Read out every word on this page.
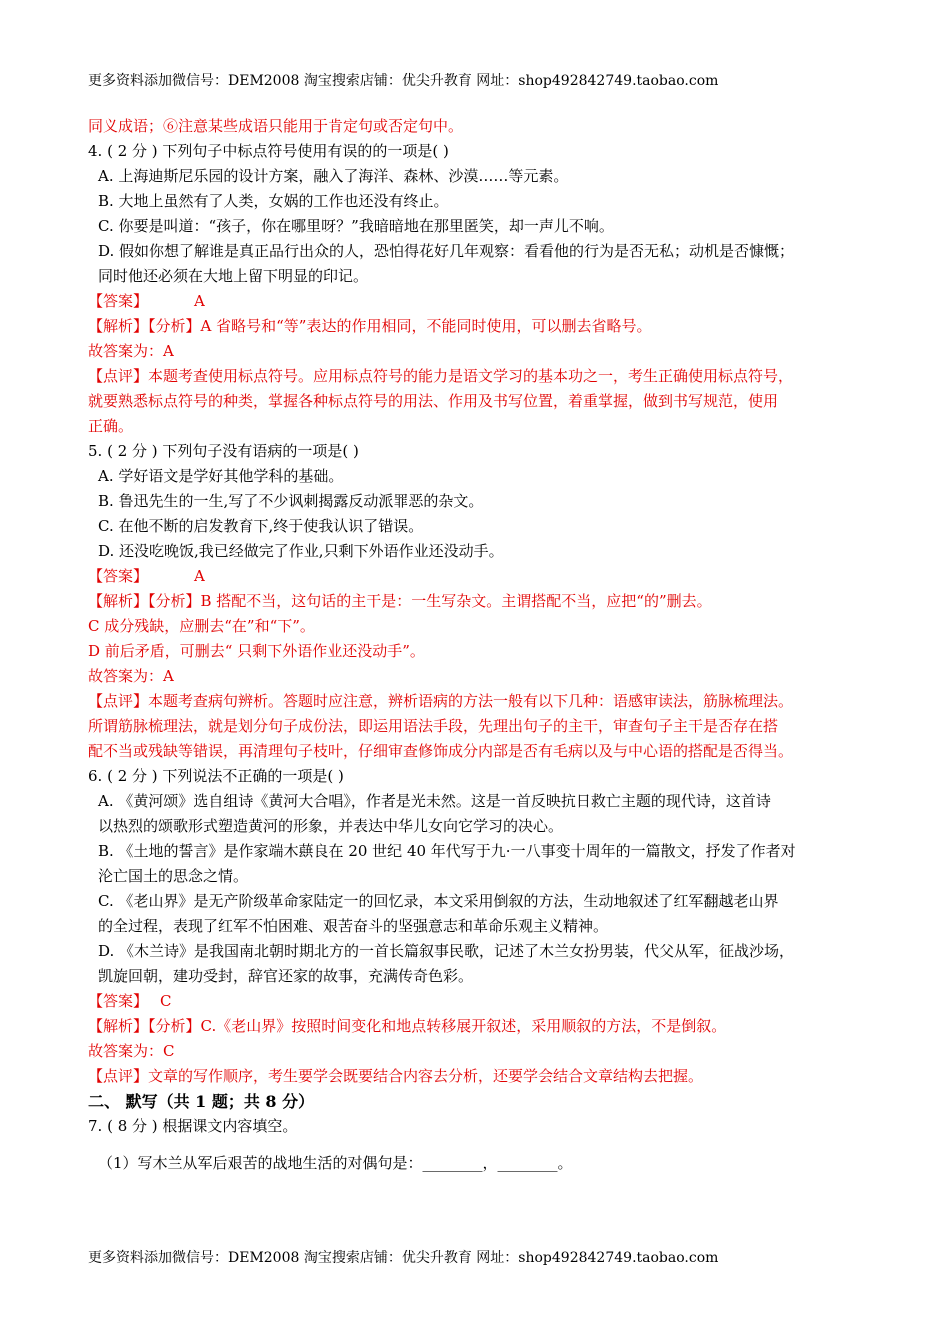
更多资料添加微信号：DEM2008 淘宝搜索店铺：优尖升教育 网址：shop492842749.taobao.com
同义成语；⑥注意某些成语只能用于肯定句或否定句中。
4. ( 2 分 ) 下列句子中标点符号使用有误的的一项是( )
A. 上海迪斯尼乐园的设计方案，融入了海洋、森林、沙漠……等元素。
B. 大地上虽然有了人类，女娲的工作也还没有终止。
C. 你要是叫道：“孩子，你在哪里呀？”我暗暗地在那里匿笑，却一声儿不响。
D. 假如你想了解谁是真正品行出众的人，恐怕得花好几年观察：看看他的行为是否无私；动机是否慷慨；
同时他还必须在大地上留下明显的印记。
【答案】	A
【解析】【分析】A 省略号和“等”表达的作用相同，不能同时使用，可以删去省略号。
故答案为：A
【点评】本题考查使用标点符号。应用标点符号的能力是语文学习的基本功之一，考生正确使用标点符号，
就要熟悉标点符号的种类，掌握各种标点符号的用法、作用及书写位置，着重掌握，做到书写规范，使用
正确。
5. ( 2 分 ) 下列句子没有语病的一项是( )
A. 学好语文是学好其他学科的基础。
B. 鲁迅先生的一生,写了不少讽刺揭露反动派罪恶的杂文。
C. 在他不断的启发教育下,终于使我认识了错误。
D. 还没吃晚饭,我已经做完了作业,只剩下外语作业还没动手。
【答案】	A
【解析】【分析】B 搭配不当，这句话的主干是：一生写杂文。主谓搭配不当，应把“的”删去。
C 成分残缺，应删去“在”和“下”。
D 前后矛盾，可删去“ 只剩下外语作业还没动手”。
故答案为：A
【点评】本题考查病句辨析。答题时应注意，辨析语病的方法一般有以下几种：语感审读法，筋脉梳理法。
所谓筋脉梳理法，就是划分句子成份法，即运用语法手段，先理出句子的主干，审查句子主干是否存在搭
配不当或残缺等错误，再清理句子枝叶，仔细审查修饰成分内部是否有毛病以及与中心语的搭配是否得当。
6. ( 2 分 ) 下列说法不正确的一项是( )
A. 《黄河颂》选自组诗《黄河大合唱》，作者是光未然。这是一首反映抗日救亡主题的现代诗，这首诗
以热烈的颂歌形式塑造黄河的形象，并表达中华儿女向它学习的决心。
B. 《土地的誓言》是作家端木蕻良在 20 世纪 40 年代写于九·一八事变十周年的一篇散文，抒发了作者对
沦亡国土的思念之情。
C. 《老山界》是无产阶级革命家陆定一的回忆录，本文采用倒叙的方法，生动地叙述了红军翻越老山界
的全过程，表现了红军不怕困难、艰苦奋斗的坚强意志和革命乐观主义精神。
D. 《木兰诗》是我国南北朝时期北方的一首长篇叙事民歌，记述了木兰女扮男装，代父从军，征战沙场，
凯旋回朝，建功受封，辞官还家的故事，充满传奇色彩。
【答案】 C
【解析】【分析】C.《老山界》按照时间变化和地点转移展开叙述，采用顺叙的方法，不是倒叙。
故答案为：C
【点评】文章的写作顺序，考生要学会既要结合内容去分析，还要学会结合文章结构去把握。
二、 默写（共 1 题；共 8 分）
7. ( 8 分 ) 根据课文内容填空。
（1）写木兰从军后艰苦的战地生活的对偶句是：________，________。
更多资料添加微信号：DEM2008 淘宝搜索店铺：优尖升教育 网址：shop492842749.taobao.com
